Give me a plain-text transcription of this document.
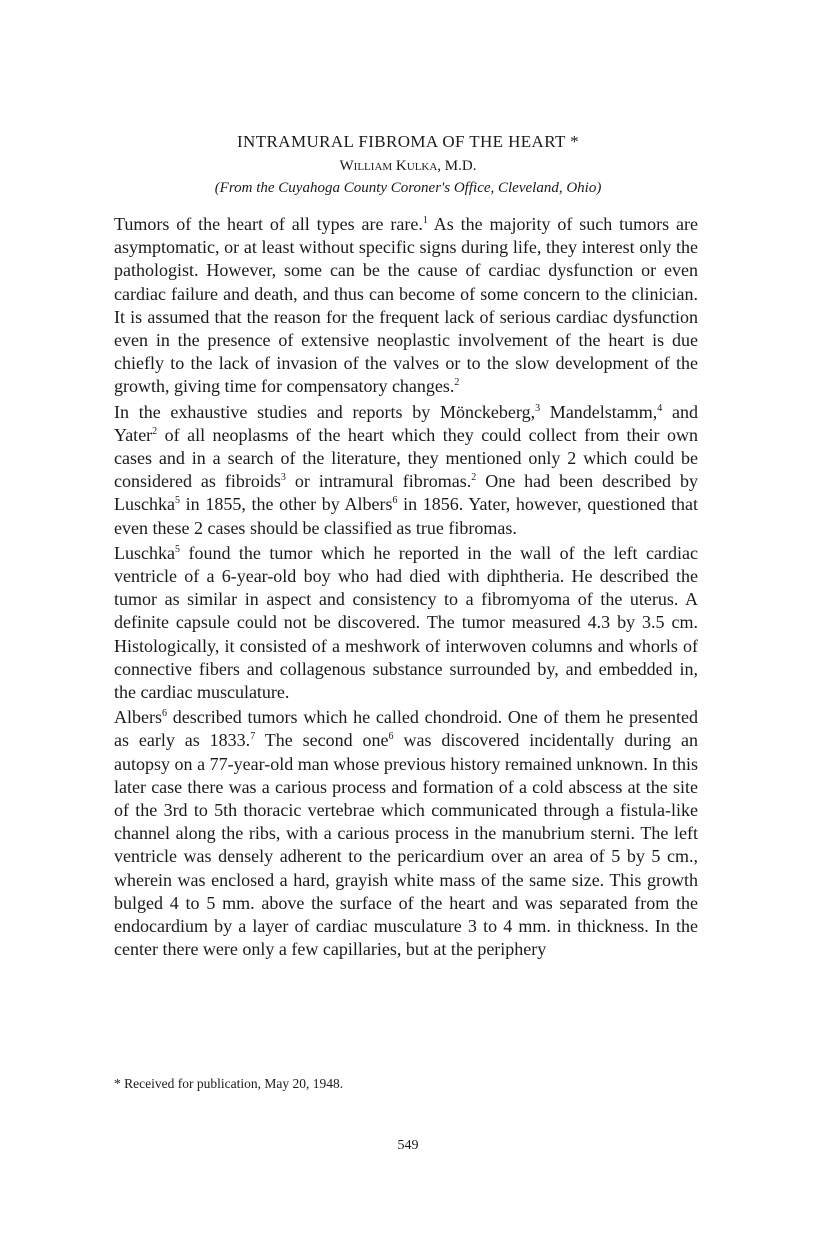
INTRAMURAL FIBROMA OF THE HEART *
William Kulka, M.D.
(From the Cuyahoga County Coroner's Office, Cleveland, Ohio)

Tumors of the heart of all types are rare.$^1$ As the majority of such tumors are asymptomatic, or at least without specific signs during life, they interest only the pathologist. However, some can be the cause of cardiac dysfunction or even cardiac failure and death, and thus can become of some concern to the clinician. It is assumed that the reason for the frequent lack of serious cardiac dysfunction even in the presence of extensive neoplastic involvement of the heart is due chiefly to the lack of invasion of the valves or to the slow development of the growth, giving time for compensatory changes.$^2$

In the exhaustive studies and reports by Mönckeberg,$^3$ Mandelstamm,$^4$ and Yater$^2$ of all neoplasms of the heart which they could collect from their own cases and in a search of the literature, they mentioned only 2 which could be considered as fibroids$^3$ or intramural fibromas.$^2$ One had been described by Luschka$^5$ in 1855, the other by Albers$^6$ in 1856. Yater, however, questioned that even these 2 cases should be classified as true fibromas.

Luschka$^5$ found the tumor which he reported in the wall of the left cardiac ventricle of a 6-year-old boy who had died with diphtheria. He described the tumor as similar in aspect and consistency to a fibromyoma of the uterus. A definite capsule could not be discovered. The tumor measured 4.3 by 3.5 cm. Histologically, it consisted of a meshwork of interwoven columns and whorls of connective fibers and collagenous substance surrounded by, and embedded in, the cardiac musculature.

Albers$^6$ described tumors which he called chondroid. One of them he presented as early as 1833.$^7$ The second one$^6$ was discovered incidentally during an autopsy on a 77-year-old man whose previous history remained unknown. In this later case there was a carious process and formation of a cold abscess at the site of the 3rd to 5th thoracic vertebrae which communicated through a fistula-like channel along the ribs, with a carious process in the manubrium sterni. The left ventricle was densely adherent to the pericardium over an area of 5 by 5 cm., wherein was enclosed a hard, grayish white mass of the same size. This growth bulged 4 to 5 mm. above the surface of the heart and was separated from the endocardium by a layer of cardiac musculature 3 to 4 mm. in thickness. In the center there were only a few capillaries, but at the periphery

* Received for publication, May 20, 1948.
549
